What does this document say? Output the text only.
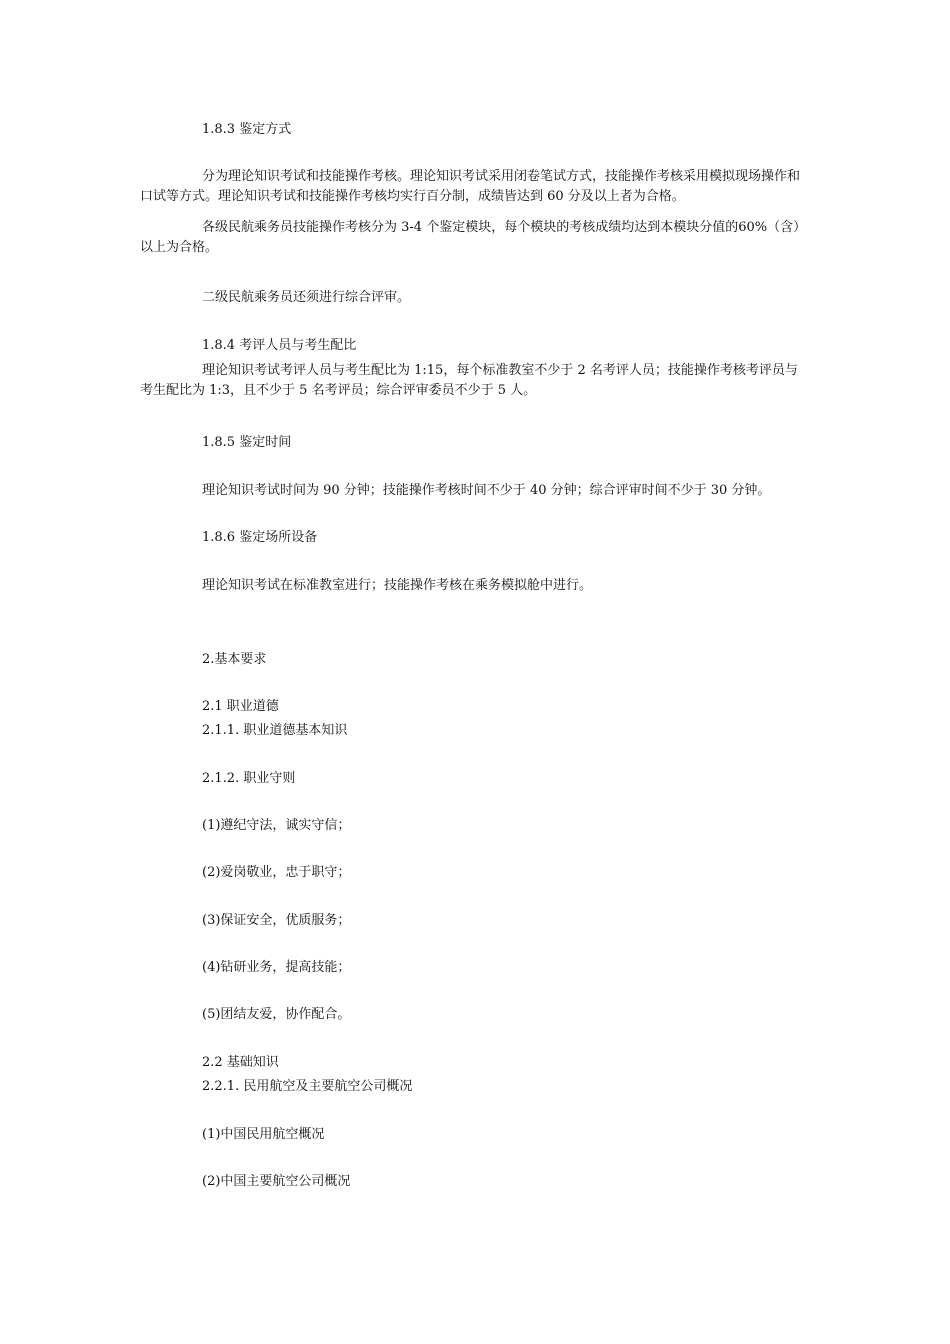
1.8.3 鉴定方式
分为理论知识考试和技能操作考核。理论知识考试采用闭卷笔试方式，技能操作考核采用模拟现场操作和口试等方式。理论知识考试和技能操作考核均实行百分制，成绩皆达到 60 分及以上者为合格。
各级民航乘务员技能操作考核分为 3-4 个鉴定模块，每个模块的考核成绩均达到本模块分值的60%（含）以上为合格。
二级民航乘务员还须进行综合评审。
1.8.4 考评人员与考生配比
理论知识考试考评人员与考生配比为 1:15，每个标准教室不少于 2 名考评人员；技能操作考核考评员与考生配比为 1:3，且不少于 5 名考评员；综合评审委员不少于 5 人。
1.8.5 鉴定时间
理论知识考试时间为 90 分钟；技能操作考核时间不少于 40 分钟；综合评审时间不少于 30 分钟。
1.8.6 鉴定场所设备
理论知识考试在标准教室进行；技能操作考核在乘务模拟舱中进行。
2.基本要求
2.1 职业道德
2.1.1. 职业道德基本知识
2.1.2. 职业守则
(1)遵纪守法，诚实守信；
(2)爱岗敬业，忠于职守；
(3)保证安全，优质服务；
(4)钻研业务，提高技能；
(5)团结友爱，协作配合。
2.2 基础知识
2.2.1. 民用航空及主要航空公司概况
(1)中国民用航空概况
(2)中国主要航空公司概况
